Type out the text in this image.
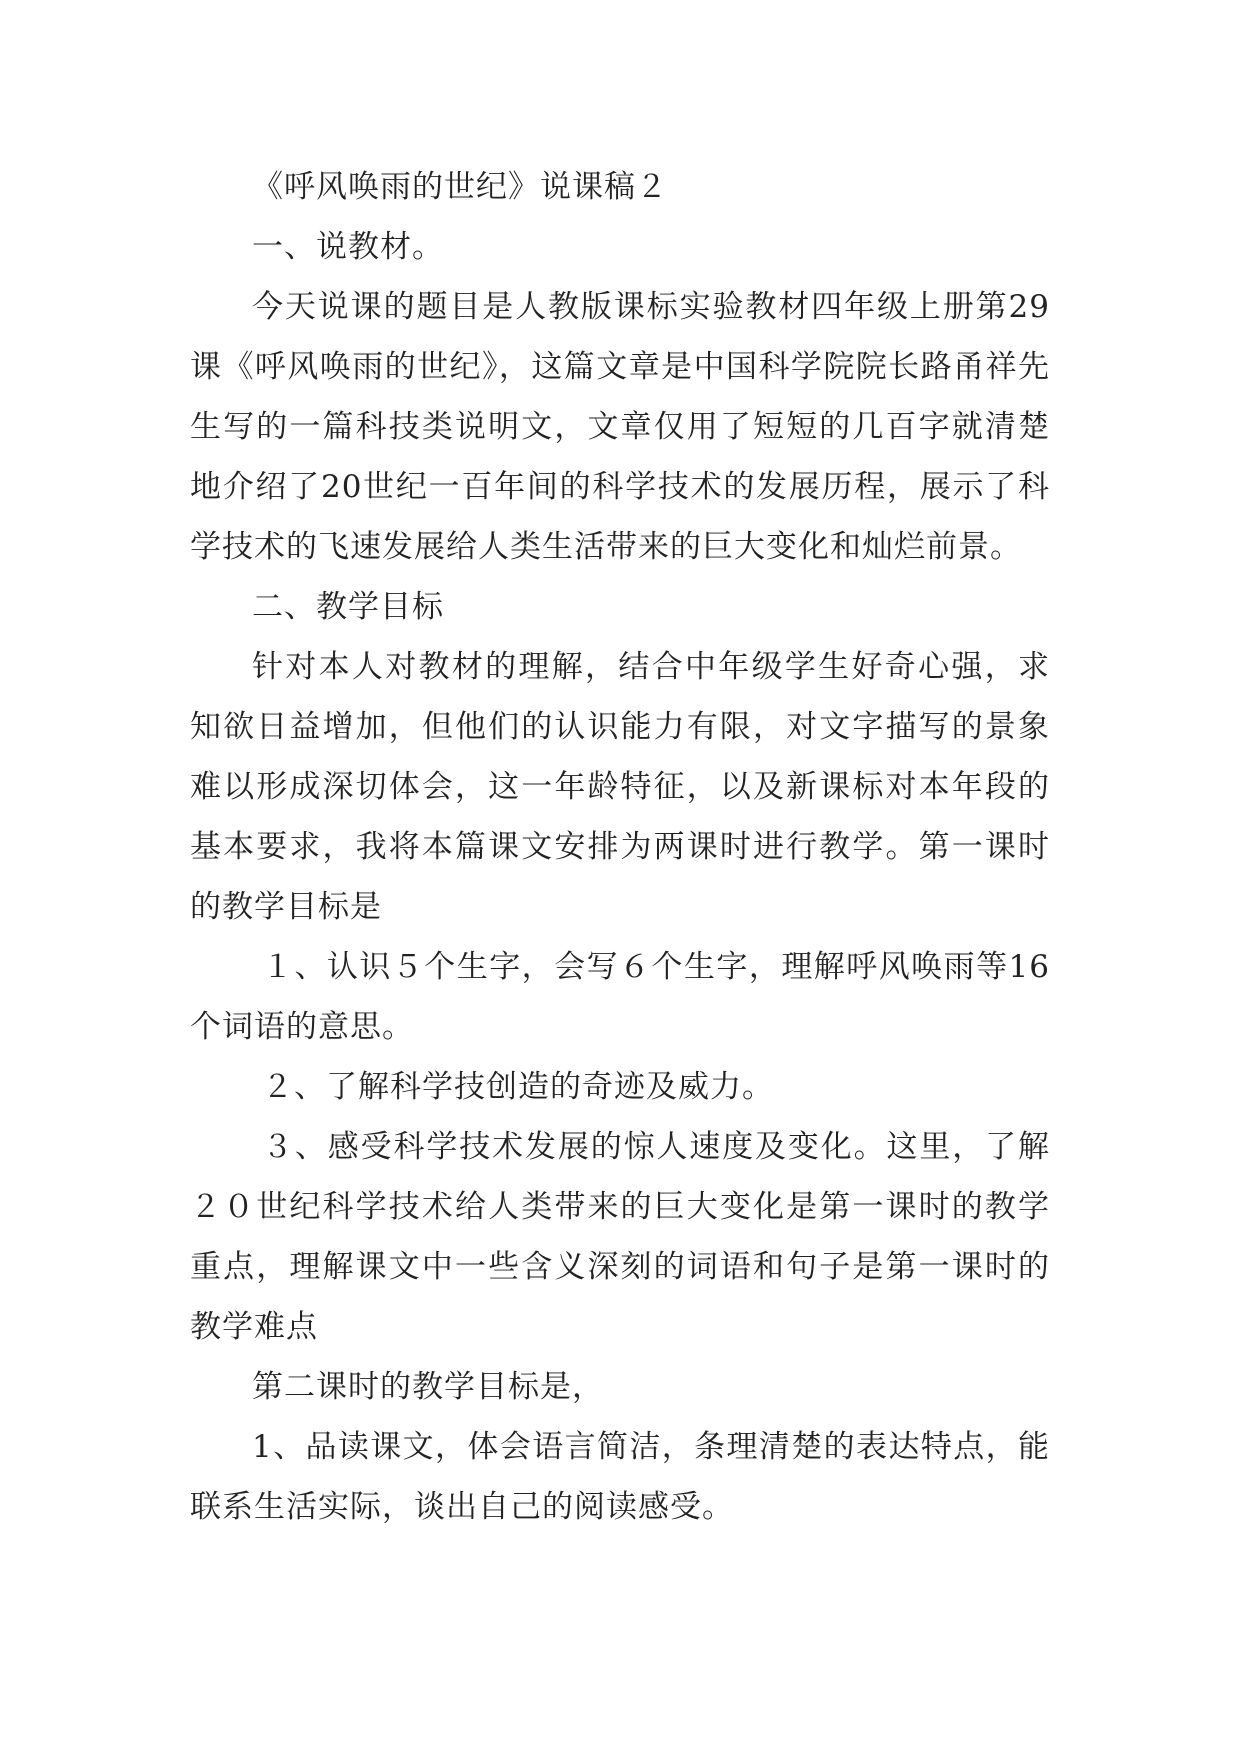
《呼风唤雨的世纪》说课稿２

一、说教材。

今天说课的题目是人教版课标实验教材四年级上册第29课《呼风唤雨的世纪》，这篇文章是中国科学院院长路甬祥先生写的一篇科技类说明文，文章仅用了短短的几百字就清楚地介绍了20世纪一百年间的科学技术的发展历程，展示了科学技术的飞速发展给人类生活带来的巨大变化和灿烂前景。

二、教学目标

针对本人对教材的理解，结合中年级学生好奇心强，求知欲日益增加，但他们的认识能力有限，对文字描写的景象难以形成深切体会，这一年龄特征，以及新课标对本年段的基本要求，我将本篇课文安排为两课时进行教学。第一课时的教学目标是

１、认识５个生字，会写６个生字，理解呼风唤雨等16个词语的意思。

２、了解科学技创造的奇迹及威力。

３、感受科学技术发展的惊人速度及变化。这里，了解２０世纪科学技术给人类带来的巨大变化是第一课时的教学重点，理解课文中一些含义深刻的词语和句子是第一课时的教学难点

第二课时的教学目标是，

1、品读课文，体会语言简洁，条理清楚的表达特点，能联系生活实际，谈出自己的阅读感受。
